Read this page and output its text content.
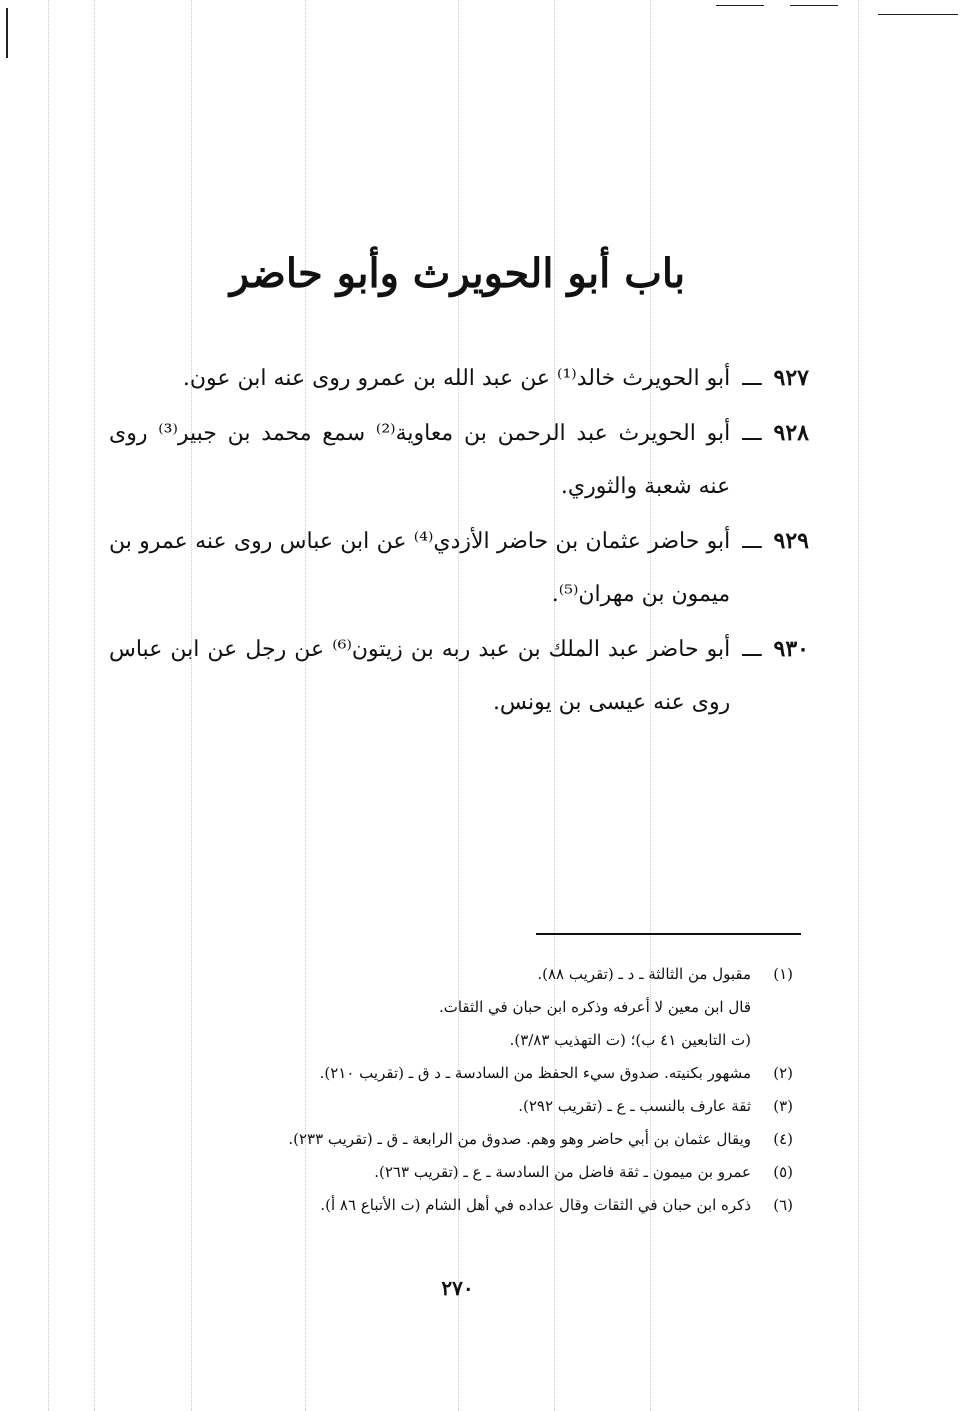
باب أبو الحويرث وأبو حاضر
٩٢٧
ـــ
أبو الحويرث خالد⁽¹⁾ عن عبد الله بن عمرو روى عنه ابن عون.
٩٢٨
ـــ
أبو الحويرث عبد الرحمن بن معاوية⁽²⁾ سمع محمد بن جبير⁽³⁾ روى عنه شعبة والثوري.
٩٢٩
ـــ
أبو حاضر عثمان بن حاضر الأزدي⁽⁴⁾ عن ابن عباس روى عنه عمرو بن ميمون بن مهران⁽⁵⁾.
٩٣٠
ـــ
أبو حاضر عبد الملك بن عبد ربه بن زيتون⁽⁶⁾ عن رجل عن ابن عباس روى عنه عيسى بن يونس.
(١)
مقبول من الثالثة ـ د ـ (تقريب ٨٨).
قال ابن معين لا أعرفه وذكره ابن حبان في الثقات.
(ت التابعين ٤١ ب)؛ (ت التهذيب ٣/٨٣).
(٢)
مشهور بكنيته. صدوق سيء الحفظ من السادسة ـ د ق ـ (تقريب ٢١٠).
(٣)
ثقة عارف بالنسب ـ ع ـ (تقريب ٢٩٢).
(٤)
ويقال عثمان بن أبي حاضر وهو وهم. صدوق من الرابعة ـ ق ـ (تقريب ٢٣٣).
(٥)
عمرو بن ميمون ـ ثقة فاضل من السادسة ـ ع ـ (تقريب ٢٦٣).
(٦)
ذكره ابن حبان في الثقات وقال عداده في أهل الشام (ت الأتباع ٨٦ أ).
٢٧٠
